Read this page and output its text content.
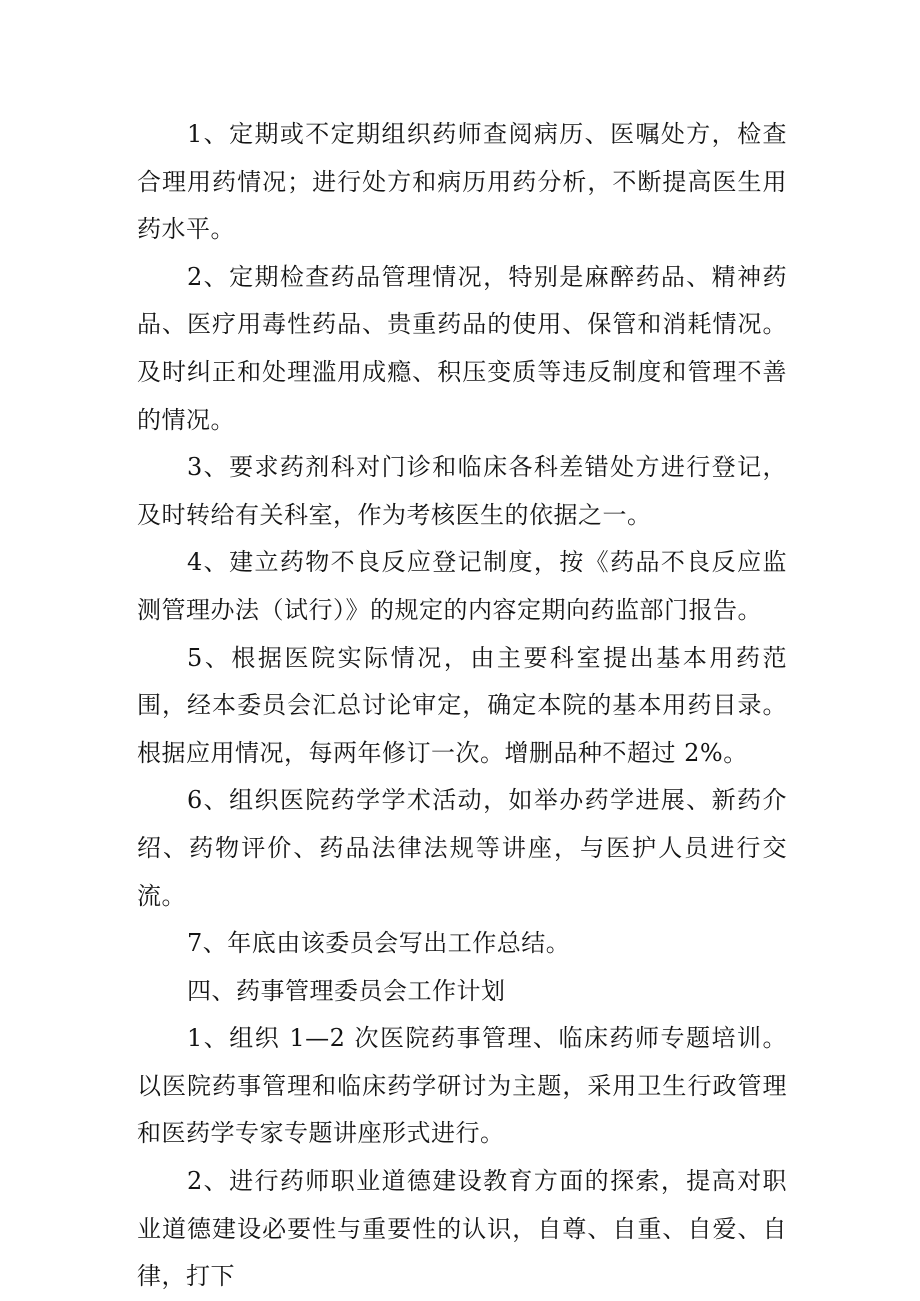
1、定期或不定期组织药师查阅病历、医嘱处方，检查合理用药情况；进行处方和病历用药分析，不断提高医生用药水平。

2、定期检查药品管理情况，特别是麻醉药品、精神药品、医疗用毒性药品、贵重药品的使用、保管和消耗情况。及时纠正和处理滥用成瘾、积压变质等违反制度和管理不善的情况。

3、要求药剂科对门诊和临床各科差错处方进行登记，及时转给有关科室，作为考核医生的依据之一。

4、建立药物不良反应登记制度，按《药品不良反应监测管理办法（试行）》的规定的内容定期向药监部门报告。

5、根据医院实际情况，由主要科室提出基本用药范围，经本委员会汇总讨论审定，确定本院的基本用药目录。根据应用情况，每两年修订一次。增删品种不超过 2%。

6、组织医院药学学术活动，如举办药学进展、新药介绍、药物评价、药品法律法规等讲座，与医护人员进行交流。

7、年底由该委员会写出工作总结。

四、药事管理委员会工作计划

1、组织 1—2 次医院药事管理、临床药师专题培训。以医院药事管理和临床药学研讨为主题，采用卫生行政管理和医药学专家专题讲座形式进行。

2、进行药师职业道德建设教育方面的探索，提高对职业道德建设必要性与重要性的认识，自尊、自重、自爱、自律，打下
